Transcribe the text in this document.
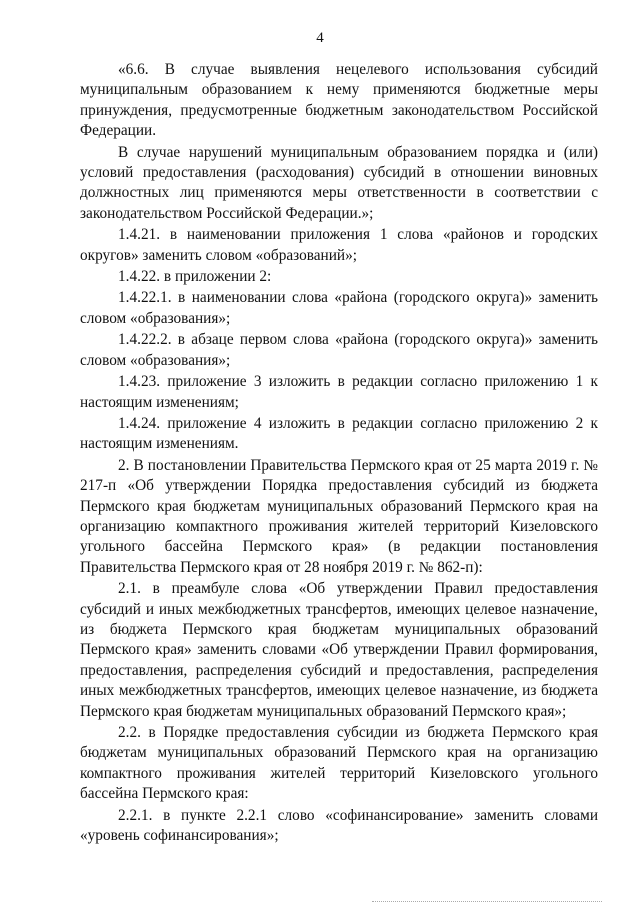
4

«6.6. В случае выявления нецелевого использования субсидий муниципальным образованием к нему применяются бюджетные меры принуждения, предусмотренные бюджетным законодательством Российской Федерации.

В случае нарушений муниципальным образованием порядка и (или) условий предоставления (расходования) субсидий в отношении виновных должностных лиц применяются меры ответственности в соответствии с законодательством Российской Федерации.»;

1.4.21. в наименовании приложения 1 слова «районов и городских округов» заменить словом «образований»;

1.4.22. в приложении 2:

1.4.22.1. в наименовании слова «района (городского округа)» заменить словом «образования»;

1.4.22.2. в абзаце первом слова «района (городского округа)» заменить словом «образования»;

1.4.23. приложение 3 изложить в редакции согласно приложению 1 к настоящим изменениям;

1.4.24. приложение 4 изложить в редакции согласно приложению 2 к настоящим изменениям.

2. В постановлении Правительства Пермского края от 25 марта 2019 г. № 217-п «Об утверждении Порядка предоставления субсидий из бюджета Пермского края бюджетам муниципальных образований Пермского края на организацию компактного проживания жителей территорий Кизеловского угольного бассейна Пермского края» (в редакции постановления Правительства Пермского края от 28 ноября 2019 г. № 862-п):

2.1. в преамбуле слова «Об утверждении Правил предоставления субсидий и иных межбюджетных трансфертов, имеющих целевое назначение, из бюджета Пермского края бюджетам муниципальных образований Пермского края» заменить словами «Об утверждении Правил формирования, предоставления, распределения субсидий и предоставления, распределения иных межбюджетных трансфертов, имеющих целевое назначение, из бюджета Пермского края бюджетам муниципальных образований Пермского края»;

2.2. в Порядке предоставления субсидии из бюджета Пермского края бюджетам муниципальных образований Пермского края на организацию компактного проживания жителей территорий Кизеловского угольного бассейна Пермского края:

2.2.1. в пункте 2.2.1 слово «софинансирование» заменить словами «уровень софинансирования»;
